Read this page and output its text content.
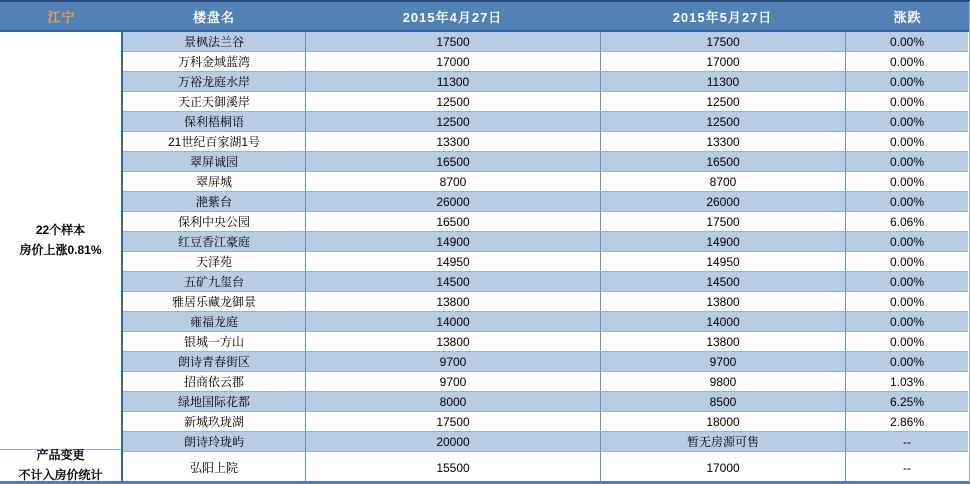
江宁	楼盘名	2015年4月27日	2015年5月27日	涨跌
22个样本
房价上涨0.81%
产品变更
不计入房价统计
景枫法兰谷	17500	17500	0.00%
万科金域蓝湾	17000	17000	0.00%
万裕龙庭水岸	11300	11300	0.00%
天正天御溪岸	12500	12500	0.00%
保利梧桐语	12500	12500	0.00%
21世纪百家湖1号	13300	13300	0.00%
翠屏诚园	16500	16500	0.00%
翠屏城	8700	8700	0.00%
滟紫台	26000	26000	0.00%
保利中央公园	16500	17500	6.06%
红豆香江豪庭	14900	14900	0.00%
天泽苑	14950	14950	0.00%
五矿九玺台	14500	14500	0.00%
雅居乐藏龙御景	13800	13800	0.00%
雍福龙庭	14000	14000	0.00%
银城一方山	13800	13800	0.00%
朗诗青春街区	9700	9700	0.00%
招商依云郡	9700	9800	1.03%
绿地国际花都	8000	8500	6.25%
新城玖珑湖	17500	18000	2.86%
朗诗玲珑屿	20000	暂无房源可售	--
弘阳上院	15500	17000	--
